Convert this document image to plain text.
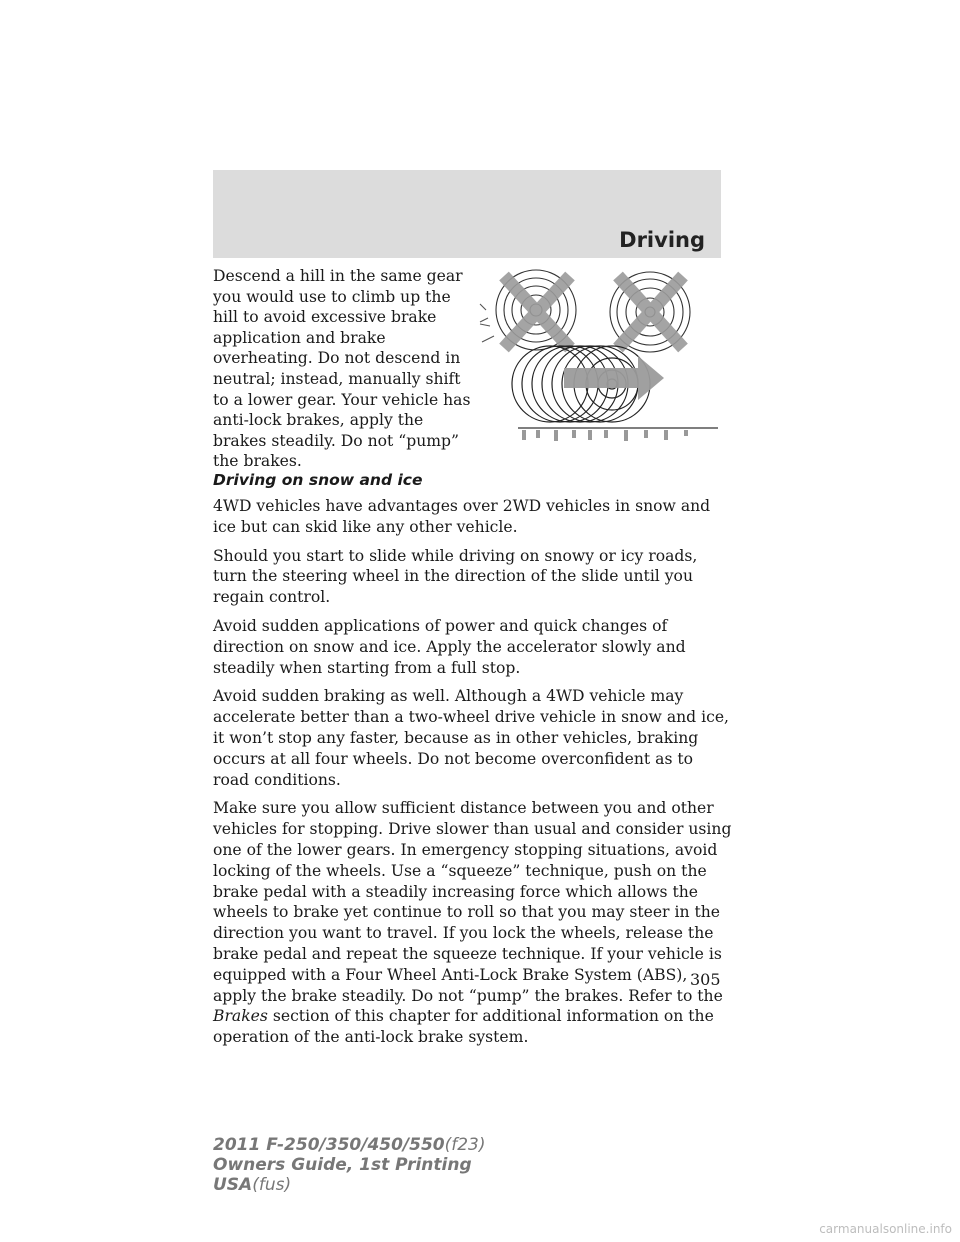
Driving

Descend a hill in the same gear you would use to climb up the hill to avoid excessive brake application and brake overheating. Do not descend in neutral; instead, manually shift to a lower gear. Your vehicle has anti-lock brakes, apply the brakes steadily. Do not “pump” the brakes.

Driving on snow and ice

4WD vehicles have advantages over 2WD vehicles in snow and ice but can skid like any other vehicle.

Should you start to slide while driving on snowy or icy roads, turn the steering wheel in the direction of the slide until you regain control.

Avoid sudden applications of power and quick changes of direction on snow and ice. Apply the accelerator slowly and steadily when starting from a full stop.

Avoid sudden braking as well. Although a 4WD vehicle may accelerate better than a two-wheel drive vehicle in snow and ice, it won’t stop any faster, because as in other vehicles, braking occurs at all four wheels. Do not become overconfident as to road conditions.

Make sure you allow sufficient distance between you and other vehicles for stopping. Drive slower than usual and consider using one of the lower gears. In emergency stopping situations, avoid locking of the wheels. Use a “squeeze” technique, push on the brake pedal with a steadily increasing force which allows the wheels to brake yet continue to roll so that you may steer in the direction you want to travel. If you lock the wheels, release the brake pedal and repeat the squeeze technique. If your vehicle is equipped with a Four Wheel Anti-Lock Brake System (ABS), apply the brake steadily. Do not “pump” the brakes. Refer to the Brakes section of this chapter for additional information on the operation of the anti-lock brake system.

305
2011 F-250/350/450/550(f23)
Owners Guide, 1st Printing
USA(fus)
carmanualsonline.info
